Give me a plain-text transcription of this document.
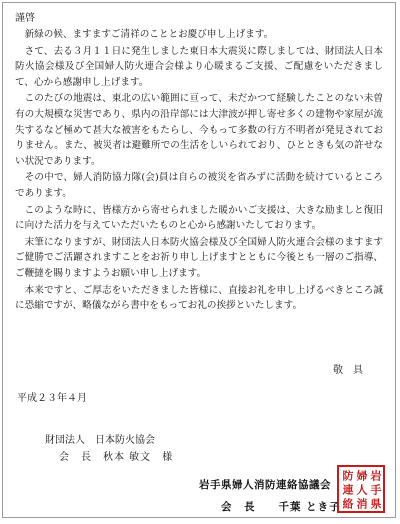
謹啓

新緑の候、ますますご清祥のこととお慶び申し上げます。

さて、去る３月１１日に発生しました東日本大震災に際しましては、財団法人日本防火協会様及び全国婦人防火連合会様より心暖まるご支援、ご配慮をいただきまして、心から感謝申し上げます。

このたびの地震は、東北の広い範囲に亘って、未だかつて経験したことのない未曽有の大規模な災害であり、県内の沿岸部には大津波が押し寄せ多くの建物や家屋が流失するなど極めて甚大な被害をもたらし、今もって多数の行方不明者が発見されておりません。また、被災者は避難所での生活をしいられており、ひとときも気の許せない状況であります。

その中で、婦人消防協力隊(会)員は自らの被災を省みずに活動を続けているところであります。

このような時に、皆様方から寄せられました暖かいご支援は、大きな励ましと復旧に向けた活力を与えていただいたものと心から感謝いたしております。

末筆になりますが、財団法人日本防火協会様及び全国婦人防火連合会様のますますご健勝でご活躍されますことをお祈り申し上げますとともに今後とも一層のご指導、ご鞭撻を賜りますようお願い申し上げます。

本来ですと、ご厚志をいただきました皆様に、直接お礼を申し上げるべきところ誠に恐縮ですが、略儀ながら書中をもってお礼の挨拶といたします。

敬　具
平成２３年４月
財団法人　日本防火協会
会　長　秋本 敏文　様
岩手県婦人消防連絡協議会
会　長　　千葉 とき子
岩
手
県
婦
人
消
防
連
絡
